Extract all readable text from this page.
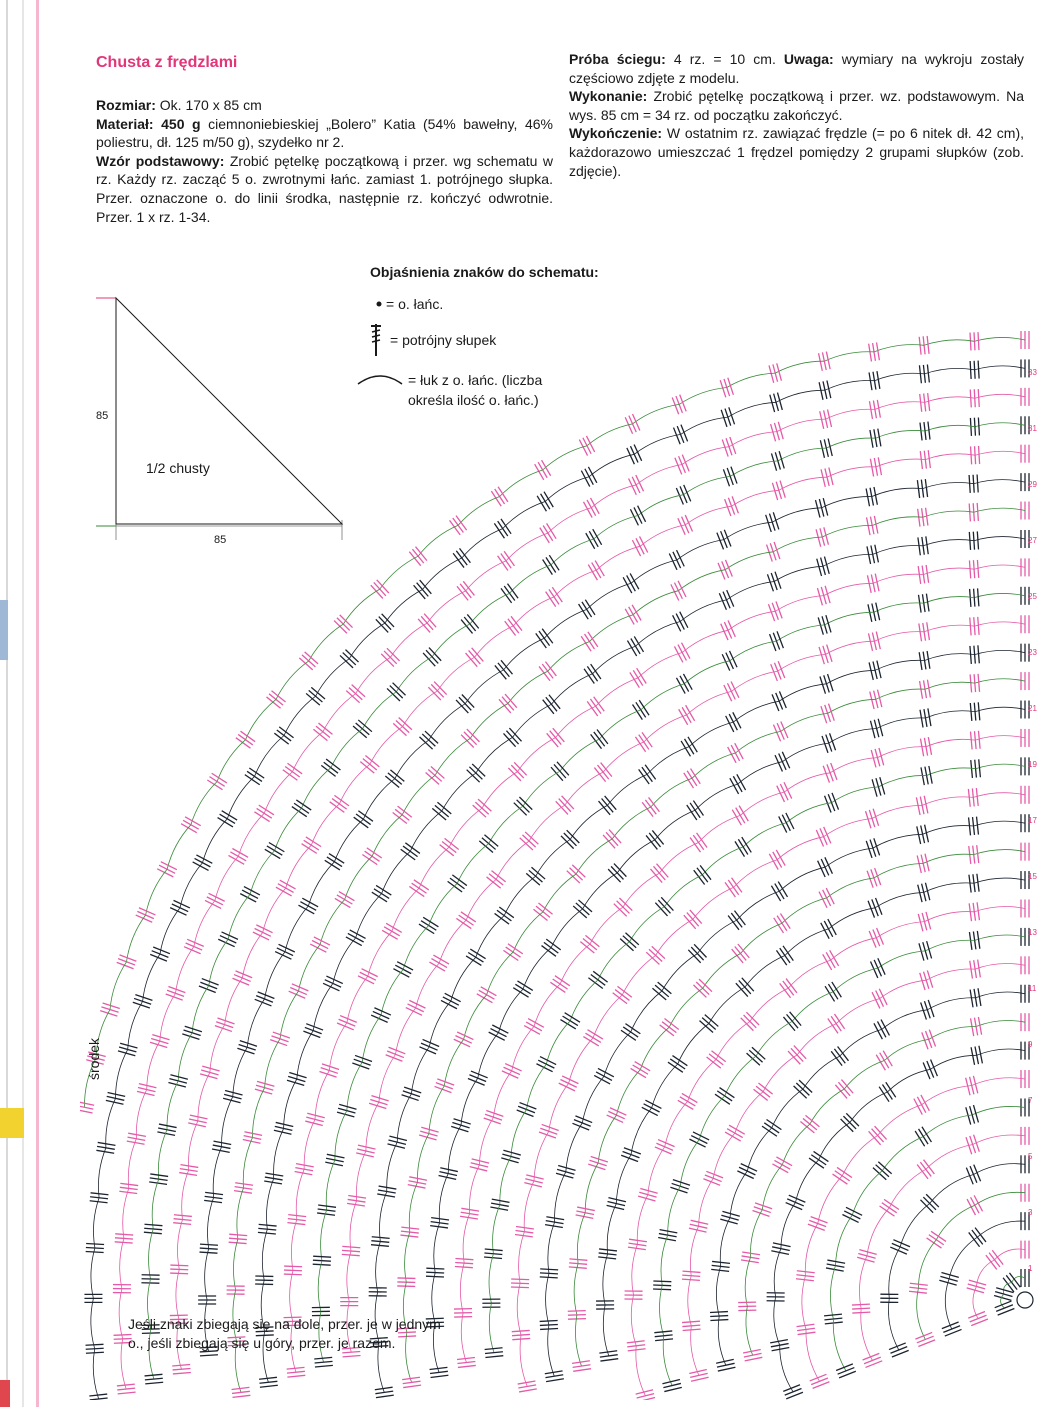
Chusta z frędzlami

Rozmiar: Ok. 170 x 85 cm

Materiał: 450 g ciemnoniebieskiej „Bolero” Katia (54% bawełny, 46% poliestru, dł. 125 m/50 g), szydełko nr 2.

Wzór podstawowy: Zrobić pętelkę początkową i przer. wg schematu w rz. Każdy rz. zacząć 5 o. zwrotnymi łańc. zamiast 1. potrójnego słupka. Przer. oznaczone o. do linii środka, następnie rz. kończyć odwrotnie. Przer. 1 x rz. 1-34.

Próba ściegu: 4 rz. = 10 cm. Uwaga: wymiary na wykroju zostały częściowo zdjęte z modelu.

Wykonanie: Zrobić pętelkę początkową i przer. wz. podstawowym. Na wys. 85 cm = 34 rz. od początku zakończyć.

Wykończenie: W ostatnim rz. zawiązać frędzle (= po 6 nitek dł. 42 cm), każdorazowo umieszczać 1 frędzel pomiędzy 2 grupami słupków (zob. zdjęcie).

Objaśnienia znaków do schematu:
= o. łańc.
= potrójny słupek
= łuk z o. łańc. (liczba
określa ilość o. łańc.)
85
85
1/2 chusty
środek
Jeśli znaki zbiegają się na dole, przer. je w jednym o., jeśli zbiegają się u góry, przer. je razem.
33
31
29
27
25
23
21
19
17
15
13
11
9
7
5
3
1
